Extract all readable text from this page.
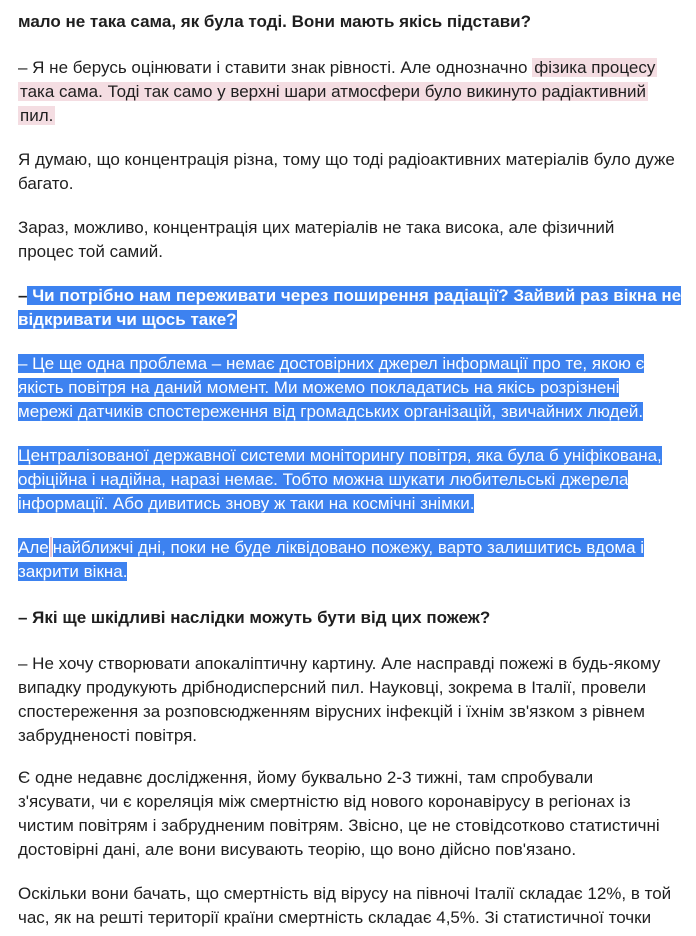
мало не така сама, як була тоді. Вони мають якісь підстави?
– Я не берусь оцінювати і ставити знак рівності. Але однозначно фізика процесу
така сама. Тоді так само у верхні шари атмосфери було викинуто радіактивний
пил.
Я думаю, що концентрація різна, тому що тоді радіоактивних матеріалів було дуже
багато.
Зараз, можливо, концентрація цих матеріалів не така висока, але фізичний
процес той самий.
– Чи потрібно нам переживати через поширення радіації? Зайвий раз вікна не
відкривати чи щось таке?
– Це ще одна проблема – немає достовірних джерел інформації про те, якою є
якість повітря на даний момент. Ми можемо покладатись на якісь розрізнені
мережі датчиків спостереження від громадських організацій, звичайних людей.
Централізованої державної системи моніторингу повітря, яка була б уніфікована,
офіційна і надійна, наразі немає. Тобто можна шукати любительські джерела
інформації. Або дивитись знову ж таки на космічні знімки.
Але найближчі дні, поки не буде ліквідовано пожежу, варто залишитись вдома і
закрити вікна.
– Які ще шкідливі наслідки можуть бути від цих пожеж?
– Не хочу створювати апокаліптичну картину. Але насправді пожежі в будь-якому
випадку продукують дрібнодисперсний пил. Науковці, зокрема в Італії, провели
спостереження за розповсюдженням вірусних інфекцій і їхнім зв'язком з рівнем
забрудненості повітря.
Є одне недавнє дослідження, йому буквально 2-3 тижні, там спробували
з'ясувати, чи є кореляція між смертністю від нового коронавірусу в регіонах із
чистим повітрям і забрудненим повітрям. Звісно, це не стовідсотково статистичні
достовірні дані, але вони висувають теорію, що воно дійсно пов'язано.
Оскільки вони бачать, що смертність від вірусу на півночі Італії складає 12%, в той
час, як на решті території країни смертність складає 4,5%. Зі статистичної точки
